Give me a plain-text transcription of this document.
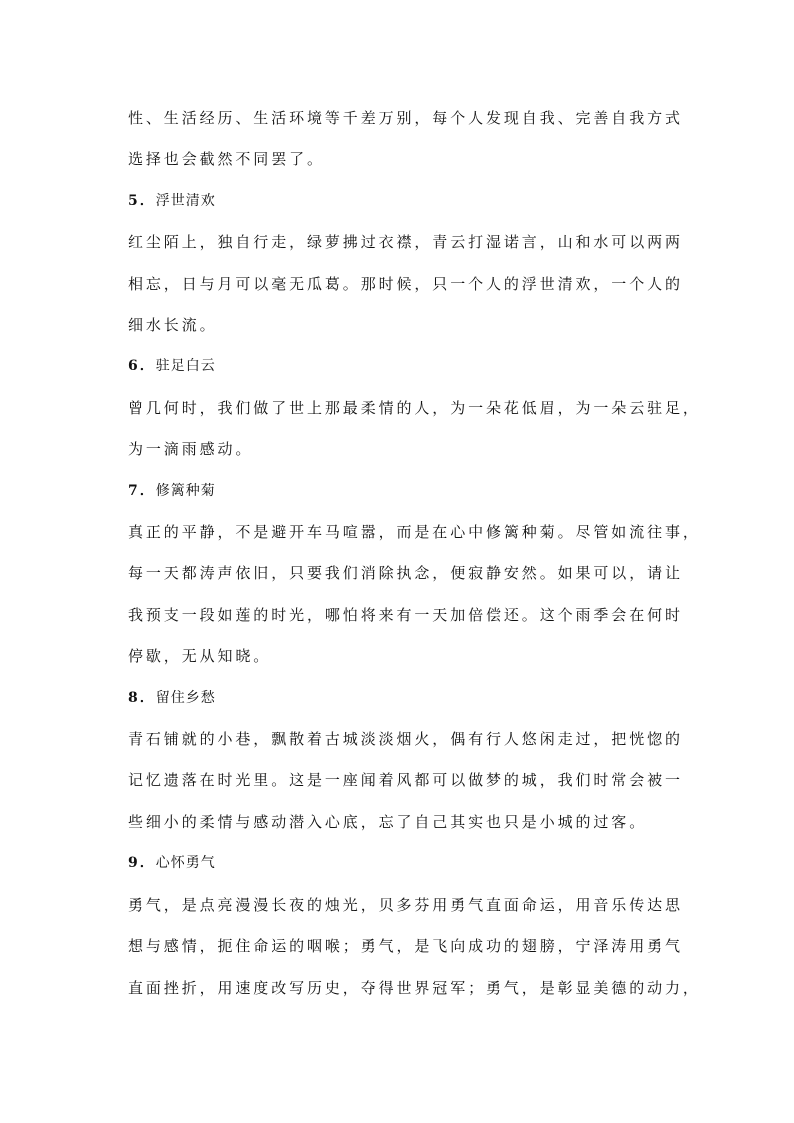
性、生活经历、生活环境等千差万别，每个人发现自我、完善自我方式
选择也会截然不同罢了。
5．浮世清欢
红尘陌上，独自行走，绿萝拂过衣襟，青云打湿诺言，山和水可以两两
相忘，日与月可以毫无瓜葛。那时候，只一个人的浮世清欢，一个人的
细水长流。
6．驻足白云
曾几何时，我们做了世上那最柔情的人，为一朵花低眉，为一朵云驻足，
为一滴雨感动。
7．修篱种菊
真正的平静，不是避开车马喧嚣，而是在心中修篱种菊。尽管如流往事，
每一天都涛声依旧，只要我们消除执念，便寂静安然。如果可以，请让
我预支一段如莲的时光，哪怕将来有一天加倍偿还。这个雨季会在何时
停歇，无从知晓。
8．留住乡愁
青石铺就的小巷，飘散着古城淡淡烟火，偶有行人悠闲走过，把恍惚的
记忆遗落在时光里。这是一座闻着风都可以做梦的城，我们时常会被一
些细小的柔情与感动潜入心底，忘了自己其实也只是小城的过客。
9．心怀勇气
勇气，是点亮漫漫长夜的烛光，贝多芬用勇气直面命运，用音乐传达思
想与感情，扼住命运的咽喉；勇气，是飞向成功的翅膀，宁泽涛用勇气
直面挫折，用速度改写历史，夺得世界冠军；勇气，是彰显美德的动力，
